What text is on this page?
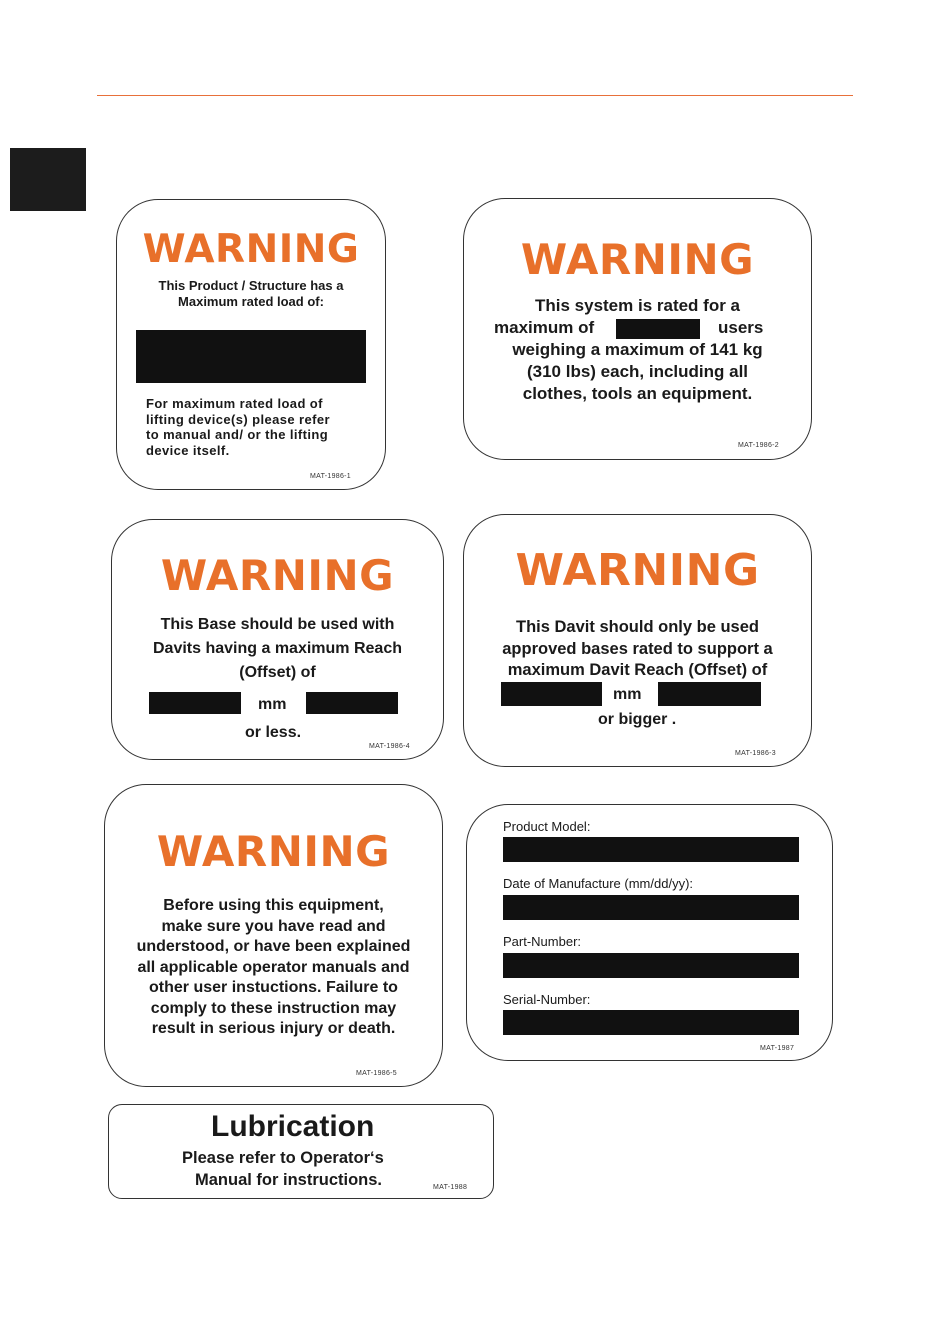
WARNING
This Product / Structure has a
Maximum rated load of:
For maximum rated load of
lifting device(s) please refer
to manual and/ or the lifting
device itself.
MAT-1986-1
WARNING
This system is rated for a
maximum of	users
weighing a maximum of 141 kg
(310 lbs) each, including all
clothes, tools an equipment.
MAT-1986-2
WARNING
This Base should be used with
Davits having a maximum Reach
(Offset) of
mm
or less.
MAT-1986-4
WARNING
This Davit should only be used
approved bases rated to support a
maximum Davit Reach (Offset) of
mm
or bigger .
MAT-1986-3
WARNING
Before using this equipment,
make sure you have read and
understood, or have been explained
all applicable operator manuals and
other user instuctions. Failure to
comply to these instruction may
result in serious injury or death.
MAT-1986-5
Product Model:
Date of Manufacture (mm/dd/yy):
Part-Number:
Serial-Number:
MAT-1987
Lubrication
Please refer to Operator‘s
Manual for instructions.	MAT-1988
